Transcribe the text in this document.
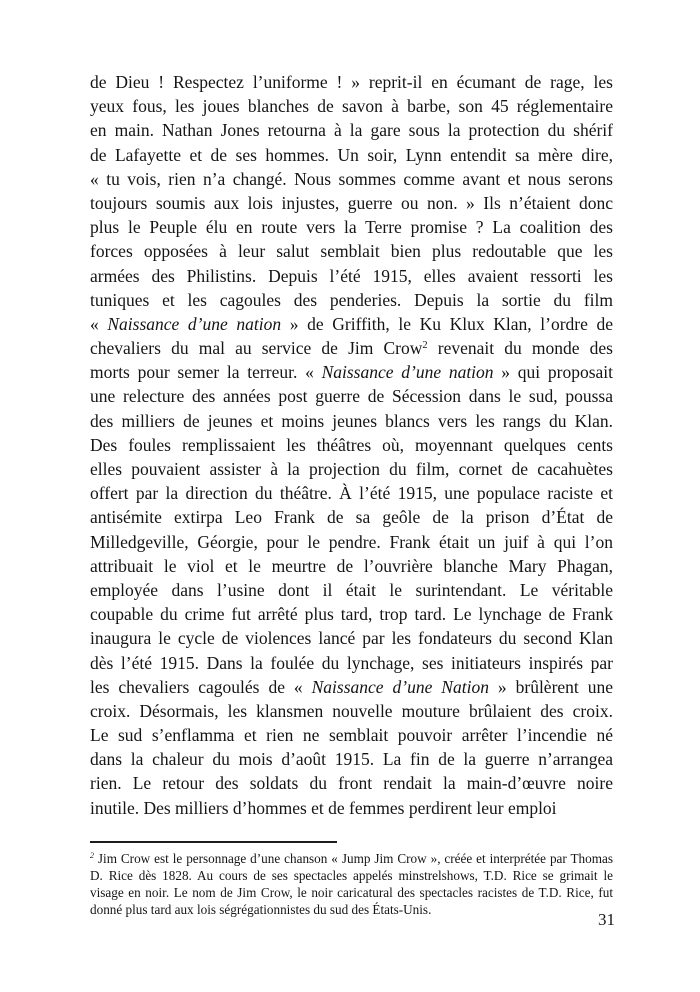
de Dieu ! Respectez l’uniforme ! » reprit-il en écumant de rage, les
yeux fous, les joues blanches de savon à barbe, son 45 réglementaire
en main. Nathan Jones retourna à la gare sous la protection du shérif
de Lafayette et de ses hommes. Un soir, Lynn entendit sa mère dire,
« tu vois, rien n’a changé. Nous sommes comme avant et nous serons
toujours soumis aux lois injustes, guerre ou non. » Ils n’étaient donc
plus le Peuple élu en route vers la Terre promise ? La coalition des
forces opposées à leur salut semblait bien plus redoutable que les
armées des Philistins. Depuis l’été 1915, elles avaient ressorti les
tuniques et les cagoules des penderies. Depuis la sortie du film
« Naissance d’une nation » de Griffith, le Ku Klux Klan, l’ordre de
chevaliers du mal au service de Jim Crow$^2$ revenait du monde des
morts pour semer la terreur. « Naissance d’une nation » qui proposait
une relecture des années post guerre de Sécession dans le sud, poussa
des milliers de jeunes et moins jeunes blancs vers les rangs du Klan.
Des foules remplissaient les théâtres où, moyennant quelques cents
elles pouvaient assister à la projection du film, cornet de cacahuètes
offert par la direction du théâtre. À l’été 1915, une populace raciste et
antisémite extirpa Leo Frank de sa geôle de la prison d’État de
Milledgeville, Géorgie, pour le pendre. Frank était un juif à qui l’on
attribuait le viol et le meurtre de l’ouvrière blanche Mary Phagan,
employée dans l’usine dont il était le surintendant. Le véritable
coupable du crime fut arrêté plus tard, trop tard. Le lynchage de Frank
inaugura le cycle de violences lancé par les fondateurs du second Klan
dès l’été 1915. Dans la foulée du lynchage, ses initiateurs inspirés par
les chevaliers cagoulés de « Naissance d’une Nation » brûlèrent une
croix. Désormais, les klansmen nouvelle mouture brûlaient des croix.
Le sud s’enflamma et rien ne semblait pouvoir arrêter l’incendie né
dans la chaleur du mois d’août 1915. La fin de la guerre n’arrangea
rien. Le retour des soldats du front rendait la main-d’œuvre noire
inutile. Des milliers d’hommes et de femmes perdirent leur emploi
$^2$ Jim Crow est le personnage d’une chanson « Jump Jim Crow », créée et interprétée par Thomas
D. Rice dès 1828. Au cours de ses spectacles appelés minstrelshows, T.D. Rice se grimait le
visage en noir. Le nom de Jim Crow, le noir caricatural des spectacles racistes de T.D. Rice, fut
donné plus tard aux lois ségrégationnistes du sud des États-Unis.
31
